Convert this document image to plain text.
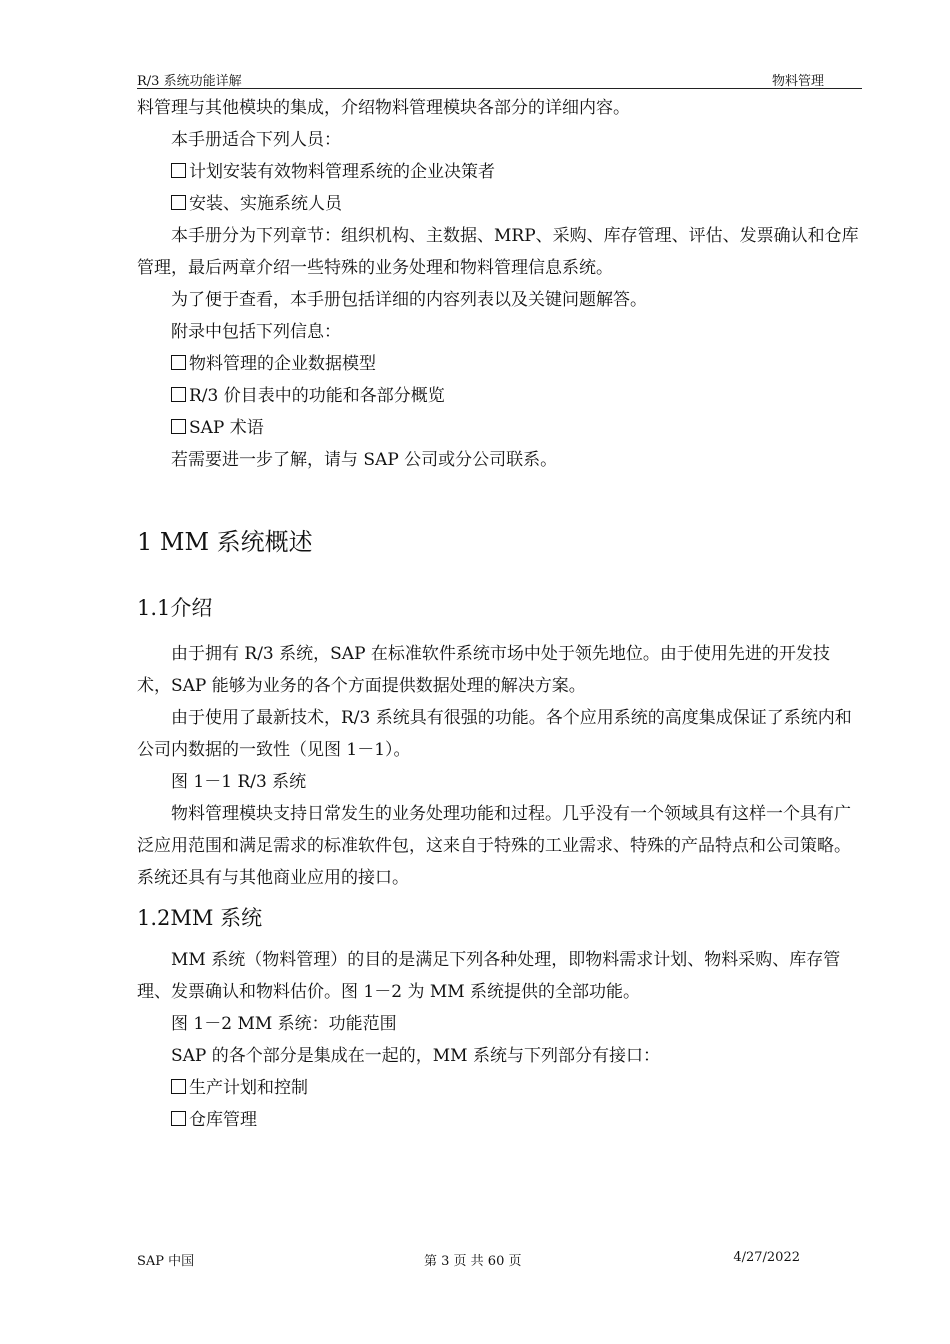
R/3 系统功能详解	物料管理

料管理与其他模块的集成，介绍物料管理模块各部分的详细内容。

本手册适合下列人员：

计划安装有效物料管理系统的企业决策者

安装、实施系统人员

本手册分为下列章节：组织机构、主数据、MRP、采购、库存管理、评估、发票确认和仓库管理，最后两章介绍一些特殊的业务处理和物料管理信息系统。

为了便于查看，本手册包括详细的内容列表以及关键问题解答。

附录中包括下列信息：

物料管理的企业数据模型

R/3 价目表中的功能和各部分概览

SAP 术语

若需要进一步了解，请与 SAP 公司或分公司联系。

1 MM 系统概述
1.1介绍

由于拥有 R/3 系统，SAP 在标准软件系统市场中处于领先地位。由于使用先进的开发技术，SAP 能够为业务的各个方面提供数据处理的解决方案。

由于使用了最新技术，R/3 系统具有很强的功能。各个应用系统的高度集成保证了系统内和公司内数据的一致性（见图 1－1）。

图 1－1 R/3 系统

物料管理模块支持日常发生的业务处理功能和过程。几乎没有一个领域具有这样一个具有广泛应用范围和满足需求的标准软件包，这来自于特殊的工业需求、特殊的产品特点和公司策略。系统还具有与其他商业应用的接口。

1.2MM 系统

MM 系统（物料管理）的目的是满足下列各种处理，即物料需求计划、物料采购、库存管理、发票确认和物料估价。图 1－2 为 MM 系统提供的全部功能。

图 1－2 MM 系统：功能范围

SAP 的各个部分是集成在一起的，MM 系统与下列部分有接口：

生产计划和控制

仓库管理

SAP 中国	第 3 页 共 60 页	4/27/2022
